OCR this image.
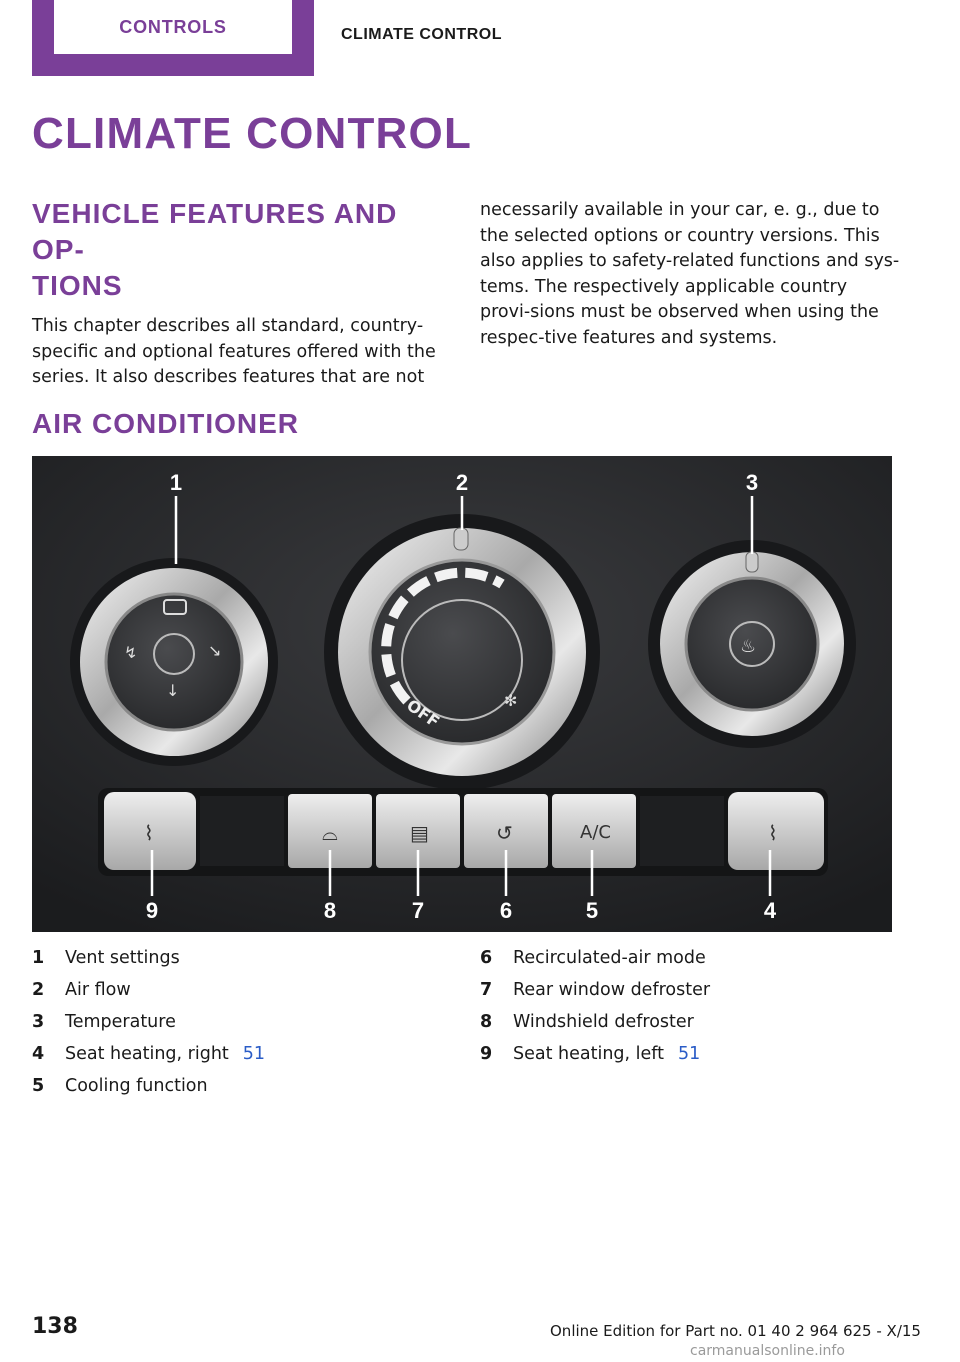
CONTROLS	CLIMATE CONTROL
CLIMATE CONTROL
VEHICLE FEATURES AND OP‐
TIONS

This chapter describes all standard, country-specific and optional features offered with the series. It also describes features that are not

necessarily available in your car, e. g., due to the selected options or country versions. This also applies to safety-related functions and sys‐tems. The respectively applicable country provi‐sions must be observed when using the respec‐tive features and systems.

AIR CONDITIONER
↯	↘
↓
OFF	✻
♨
A/C
⌇	⌓	▤	↺	⌇
1	2	3
4
5
6
7
8
9
1	Vent settings
2	Air flow
3	Temperature
4	Seat heating, right 51
5	Cooling function
6	Recirculated-air mode
7	Rear window defroster
8	Windshield defroster
9	Seat heating, left 51
138	Online Edition for Part no. 01 40 2 964 625 - X/15
carmanualsonline.info
